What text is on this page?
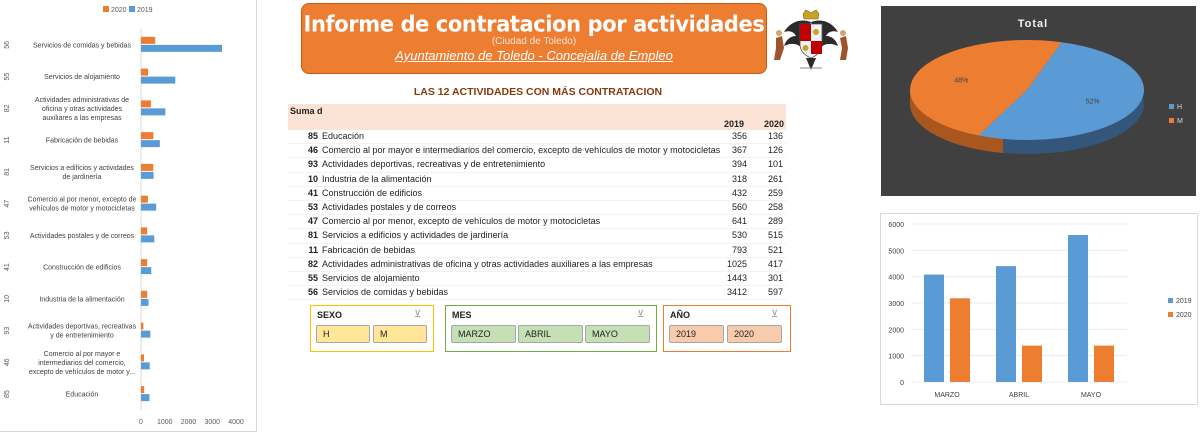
2020 2019
56	Servicios de comidas y bebidas
55	Servicios de alojamiento
82
Actividades administrativas de
oficina y otras actividades
auxiliares a las empresas
11	Fabricación de bebidas
81	Servicios a edificios y actividades
de jardinería
47 Comercio al por menor, excepto de
vehículos de motor y motocicletas
53	Actividades postales y de correos
41	Construcción de edificios
10	Industria de la alimentación
93 Actividades deportivas, recreativas
y de entretenimiento
46
Comercio al por mayor e
intermediarios del comercio,
excepto de vehículos de motor y...
85	Educación
0 1000 2000 3000 4000
Informe de contratacion por actividades
(Ciudad de Toledo)
Ayuntamiento de Toledo - Concejalia de Empleo
LAS 12 ACTIVIDADES CON MÁS CONTRATACION
Suma d
2019 2020
85 Educación	356 136
46 Comercio al por mayor e intermediarios del comercio, excepto de vehículos de motor y motocicletas 367 126
93 Actividades deportivas, recreativas y de entretenimiento	394 101
10 Industria de la alimentación	318 261
41 Construcción de edificios	432 259
53 Actividades postales y de correos	560 258
47 Comercio al por menor, excepto de vehículos de motor y motocicletas	641 289
81 Servicios a edificios y actividades de jardinería	530 515
11 Fabricación de bebidas	793 521
82 Actividades administrativas de oficina y otras actividades auxiliares a las empresas	1025 417
55 Servicios de alojamiento	1443 301
56 Servicios de comidas y bebidas	3412 597
SEXO	⊻
H	M
MES	⊻
MARZO	ABRIL	MAYO
AÑO	⊻
2019	2020
Total
52%
48%
H
M
0
1000
2000
3000
4000
5000
6000
MARZO	ABRIL	MAYO
2019
2020
